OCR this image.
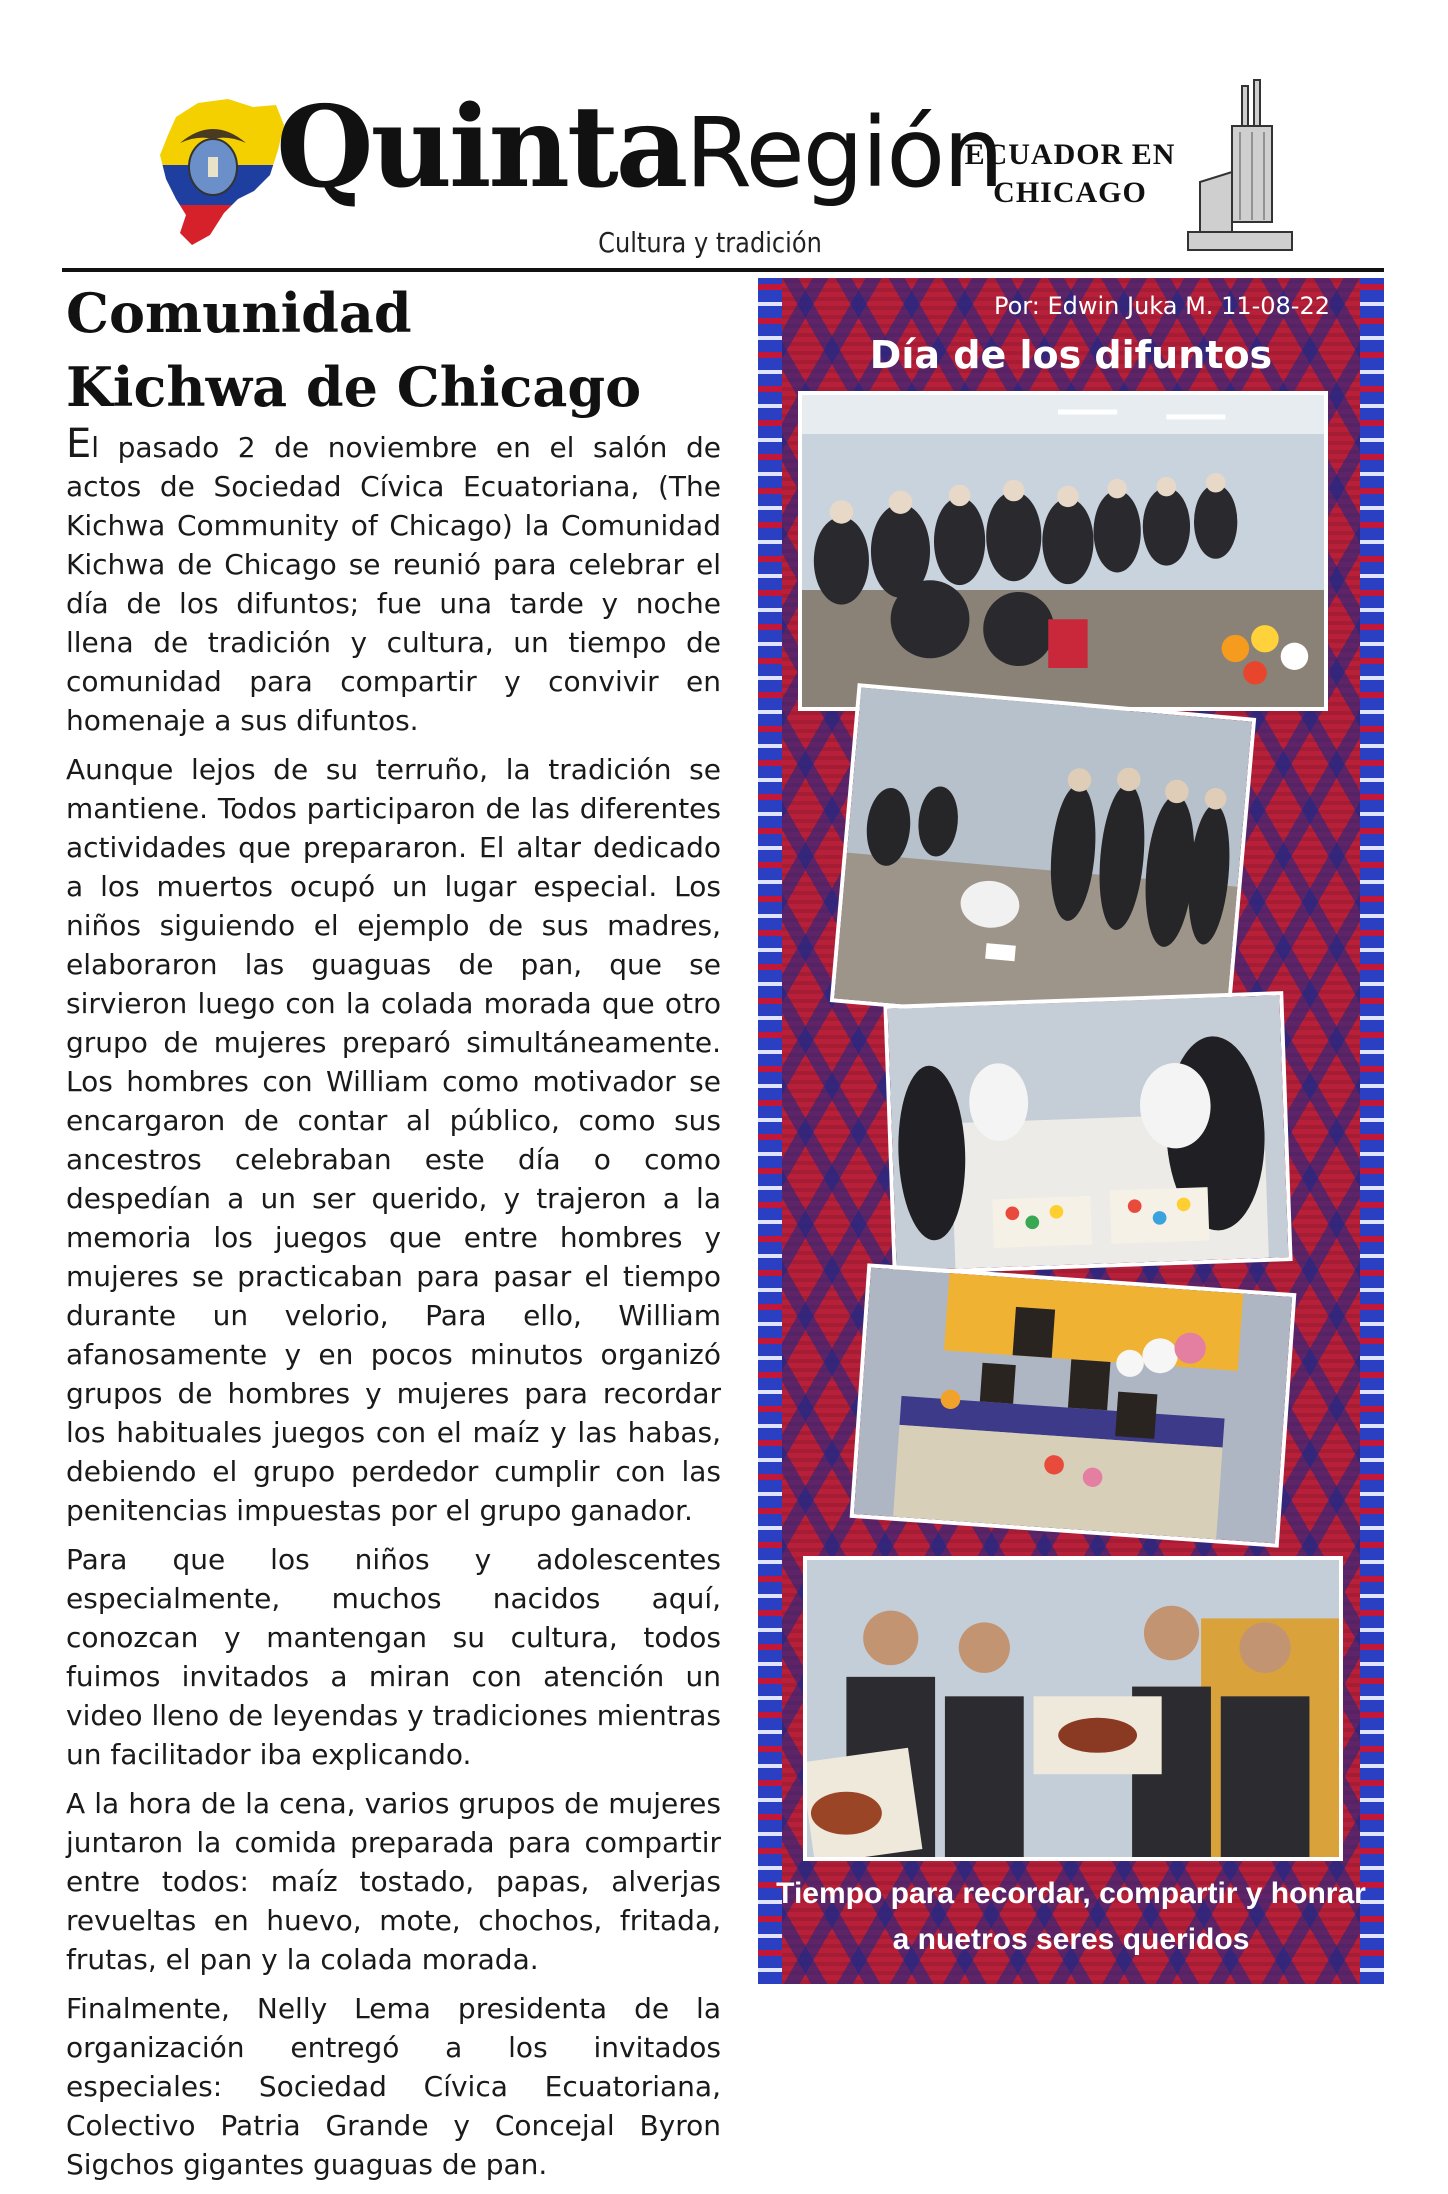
QuintaRegión
ECUADOR EN
CHICAGO
Cultura y tradición
Comunidad
Kichwa de Chicago

El pasado 2 de noviembre en el salón de actos de Sociedad Cívica Ecuatoriana, (The Kichwa Community of Chicago) la Comunidad Kichwa de Chicago se reunió para celebrar el día de los difuntos; fue una tarde y noche llena de tradición y cultura, un tiempo de comunidad para compartir y convivir en homenaje a sus difuntos.

Aunque lejos de su terruño, la tradición se mantiene. Todos participaron de las diferentes actividades que prepararon. El altar dedicado a los muertos ocupó un lugar especial. Los niños siguiendo el ejemplo de sus madres, elaboraron las guaguas de pan, que se sirvieron luego con la colada morada que otro grupo de mujeres preparó simultáneamente. Los hombres con William como motivador se encargaron de contar al público, como sus ancestros celebraban este día o como despedían a un ser querido, y trajeron a la memoria los juegos que entre hombres y mujeres se practicaban para pasar el tiempo durante un velorio, Para ello, William afanosamente y en pocos minutos organizó grupos de hombres y mujeres para recordar los habituales juegos con el maíz y las habas, debiendo el grupo perdedor cumplir con las penitencias impuestas por el grupo ganador.

Para que los niños y adolescentes especialmente, muchos nacidos aquí, conozcan y mantengan su cultura, todos fuimos invitados a miran con atención un video lleno de leyendas y tradiciones mientras un facilitador iba explicando.

A la hora de la cena, varios grupos de mujeres juntaron la comida preparada para compartir entre todos: maíz tostado, papas, alverjas revueltas en huevo, mote, chochos, fritada, frutas, el pan y la colada morada.

Finalmente, Nelly Lema presidenta de la organización entregó a los invitados especiales: Sociedad Cívica Ecuatoriana, Colectivo Patria Grande y Concejal Byron Sigchos gigantes guaguas de pan.

Por: Edwin Juka M. 11-08-22
Día de los difuntos
Tiempo para recordar, compartir y honrar
a nuetros seres queridos
